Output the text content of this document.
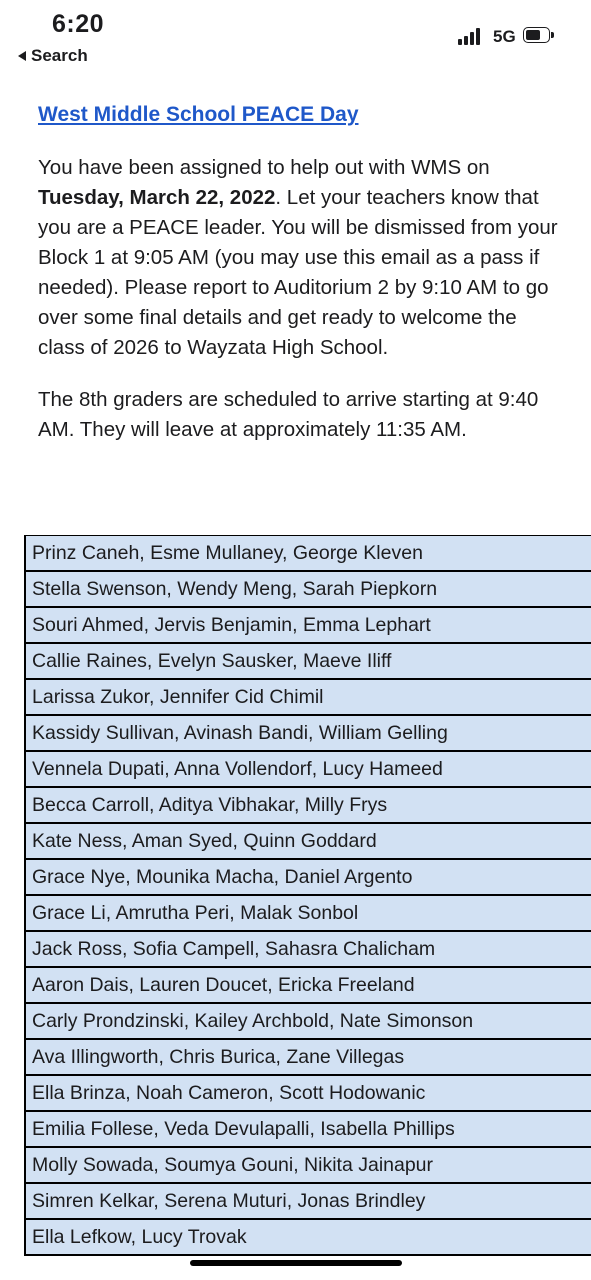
6:20
Search
5G
West Middle School PEACE Day

You have been assigned to help out with WMS on Tuesday, March 22, 2022. Let your teachers know that you are a PEACE leader. You will be dismissed from your Block 1 at 9:05 AM (you may use this email as a pass if needed). Please report to Auditorium 2 by 9:10 AM to go over some final details and get ready to welcome the class of 2026 to Wayzata High School.

The 8th graders are scheduled to arrive starting at 9:40 AM. They will leave at approximately 11:35 AM.

Prinz Caneh, Esme Mullaney, George Kleven
Stella Swenson, Wendy Meng, Sarah Piepkorn
Souri Ahmed, Jervis Benjamin, Emma Lephart
Callie Raines, Evelyn Sausker, Maeve Iliff
Larissa Zukor, Jennifer Cid Chimil
Kassidy Sullivan, Avinash Bandi, William Gelling
Vennela Dupati, Anna Vollendorf, Lucy Hameed
Becca Carroll, Aditya Vibhakar, Milly Frys
Kate Ness, Aman Syed, Quinn Goddard
Grace Nye, Mounika Macha, Daniel Argento
Grace Li, Amrutha Peri, Malak Sonbol
Jack Ross, Sofia Campell, Sahasra Chalicham
Aaron Dais, Lauren Doucet, Ericka Freeland
Carly Prondzinski, Kailey Archbold, Nate Simonson
Ava Illingworth, Chris Burica, Zane Villegas
Ella Brinza, Noah Cameron, Scott Hodowanic
Emilia Follese, Veda Devulapalli, Isabella Phillips
Molly Sowada, Soumya Gouni, Nikita Jainapur
Simren Kelkar, Serena Muturi, Jonas Brindley
Ella Lefkow, Lucy Trovak
